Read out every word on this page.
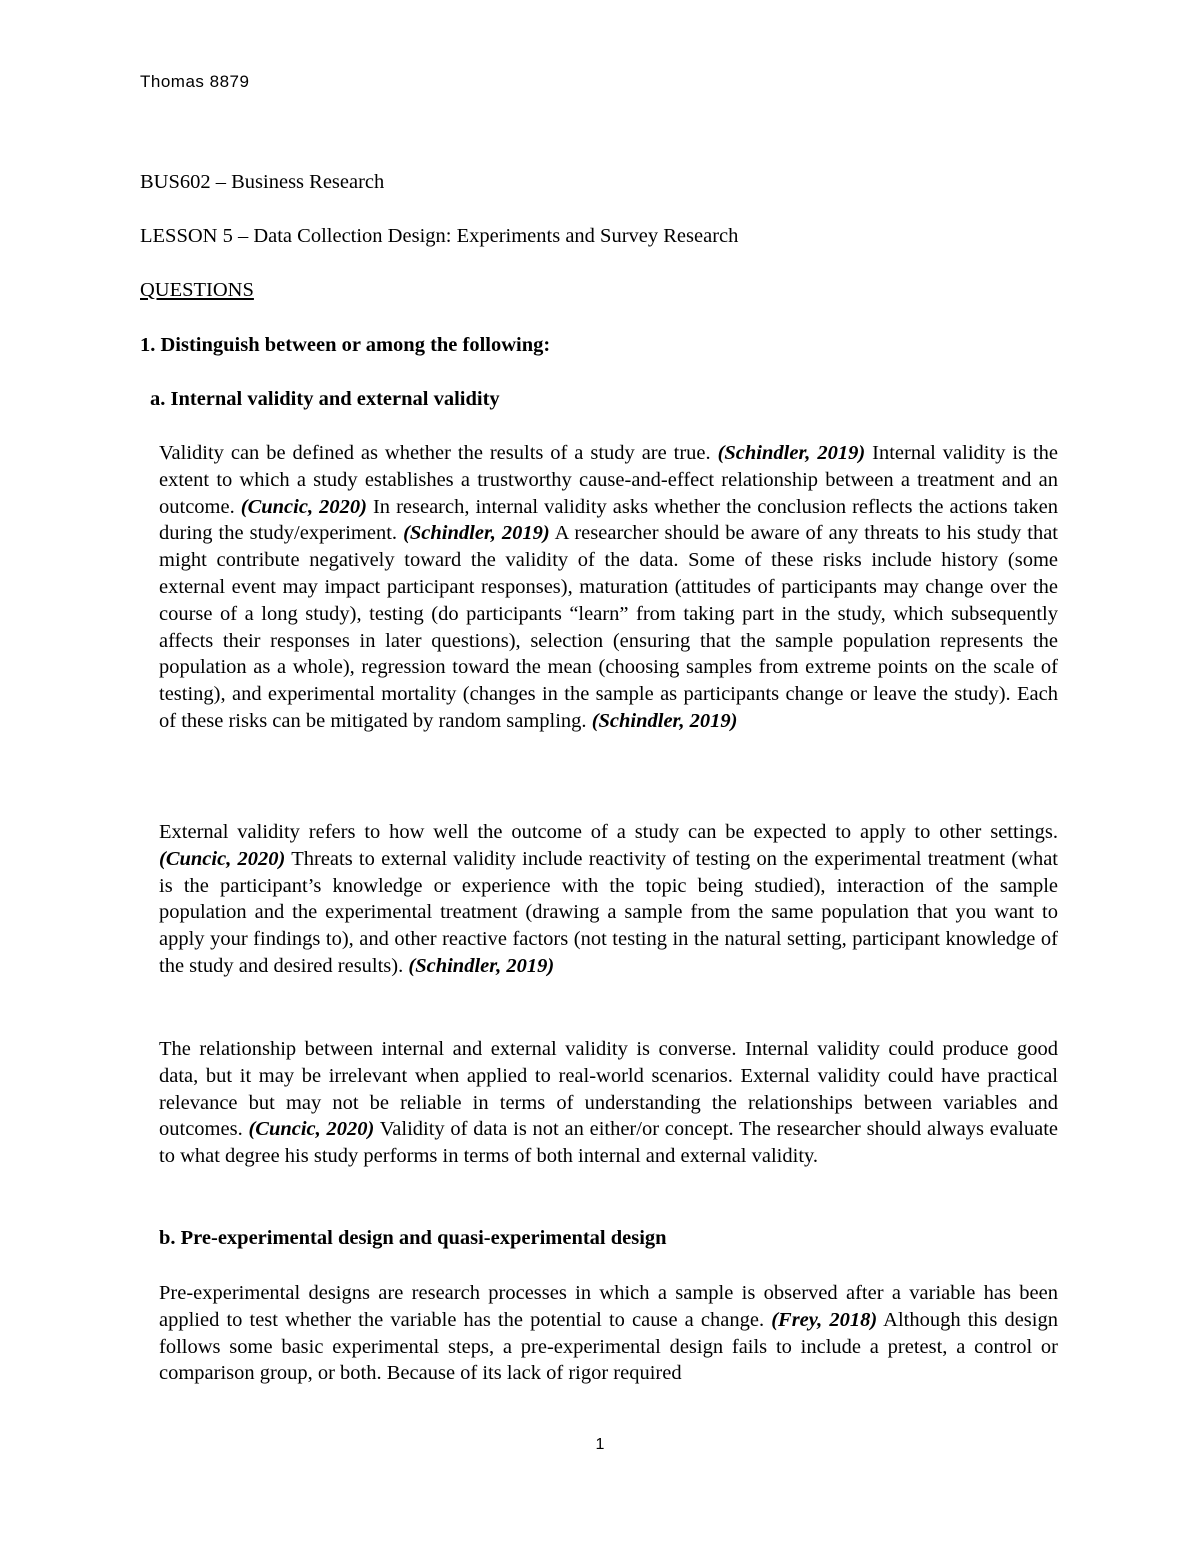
Thomas 8879
BUS602 – Business Research
LESSON 5 – Data Collection Design: Experiments and Survey Research
QUESTIONS
1. Distinguish between or among the following:
a. Internal validity and external validity
Validity can be defined as whether the results of a study are true. (Schindler, 2019) Internal validity is the extent to which a study establishes a trustworthy cause-and-effect relationship between a treatment and an outcome. (Cuncic, 2020) In research, internal validity asks whether the conclusion reflects the actions taken during the study/experiment. (Schindler, 2019) A researcher should be aware of any threats to his study that might contribute negatively toward the validity of the data. Some of these risks include history (some external event may impact participant responses), maturation (attitudes of participants may change over the course of a long study), testing (do participants “learn” from taking part in the study, which subsequently affects their responses in later questions), selection (ensuring that the sample population represents the population as a whole), regression toward the mean (choosing samples from extreme points on the scale of testing), and experimental mortality (changes in the sample as participants change or leave the study). Each of these risks can be mitigated by random sampling. (Schindler, 2019)
External validity refers to how well the outcome of a study can be expected to apply to other settings. (Cuncic, 2020) Threats to external validity include reactivity of testing on the experimental treatment (what is the participant’s knowledge or experience with the topic being studied), interaction of the sample population and the experimental treatment (drawing a sample from the same population that you want to apply your findings to), and other reactive factors (not testing in the natural setting, participant knowledge of the study and desired results). (Schindler, 2019)
The relationship between internal and external validity is converse. Internal validity could produce good data, but it may be irrelevant when applied to real-world scenarios. External validity could have practical relevance but may not be reliable in terms of understanding the relationships between variables and outcomes. (Cuncic, 2020) Validity of data is not an either/or concept. The researcher should always evaluate to what degree his study performs in terms of both internal and external validity.
b. Pre-experimental design and quasi-experimental design
Pre-experimental designs are research processes in which a sample is observed after a variable has been applied to test whether the variable has the potential to cause a change. (Frey, 2018) Although this design follows some basic experimental steps, a pre-experimental design fails to include a pretest, a control or comparison group, or both. Because of its lack of rigor required
1
